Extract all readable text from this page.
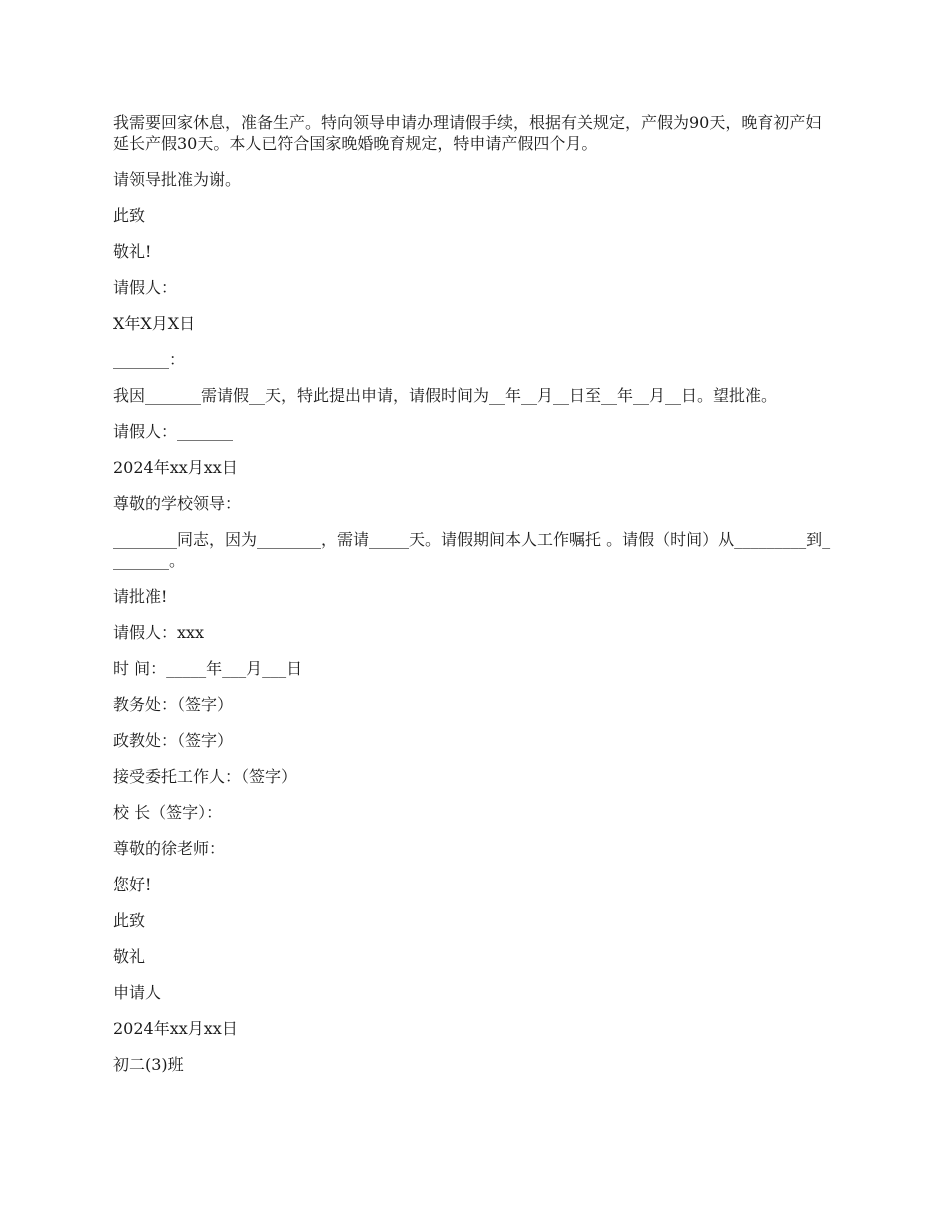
我需要回家休息，准备生产。特向领导申请办理请假手续，根据有关规定，产假为90天，晚育初产妇延长产假30天。本人已符合国家晚婚晚育规定，特申请产假四个月。

请领导批准为谢。

此致

敬礼!

请假人：

X年X月X日

_______：

我因_______需请假__天，特此提出申请，请假时间为__年__月__日至__年__月__日。望批准。

请假人：_______

2024年xx月xx日

尊敬的学校领导：

________同志，因为________，需请_____天。请假期间本人工作嘱托 。请假（时间）从_________到________。

请批准!

请假人：xxx

时 间：_____年___月___日

教务处：（签字）

政教处：（签字）

接受委托工作人：（签字）

校 长（签字）：

尊敬的徐老师：

您好!

此致

敬礼

申请人

2024年xx月xx日

初二(3)班
